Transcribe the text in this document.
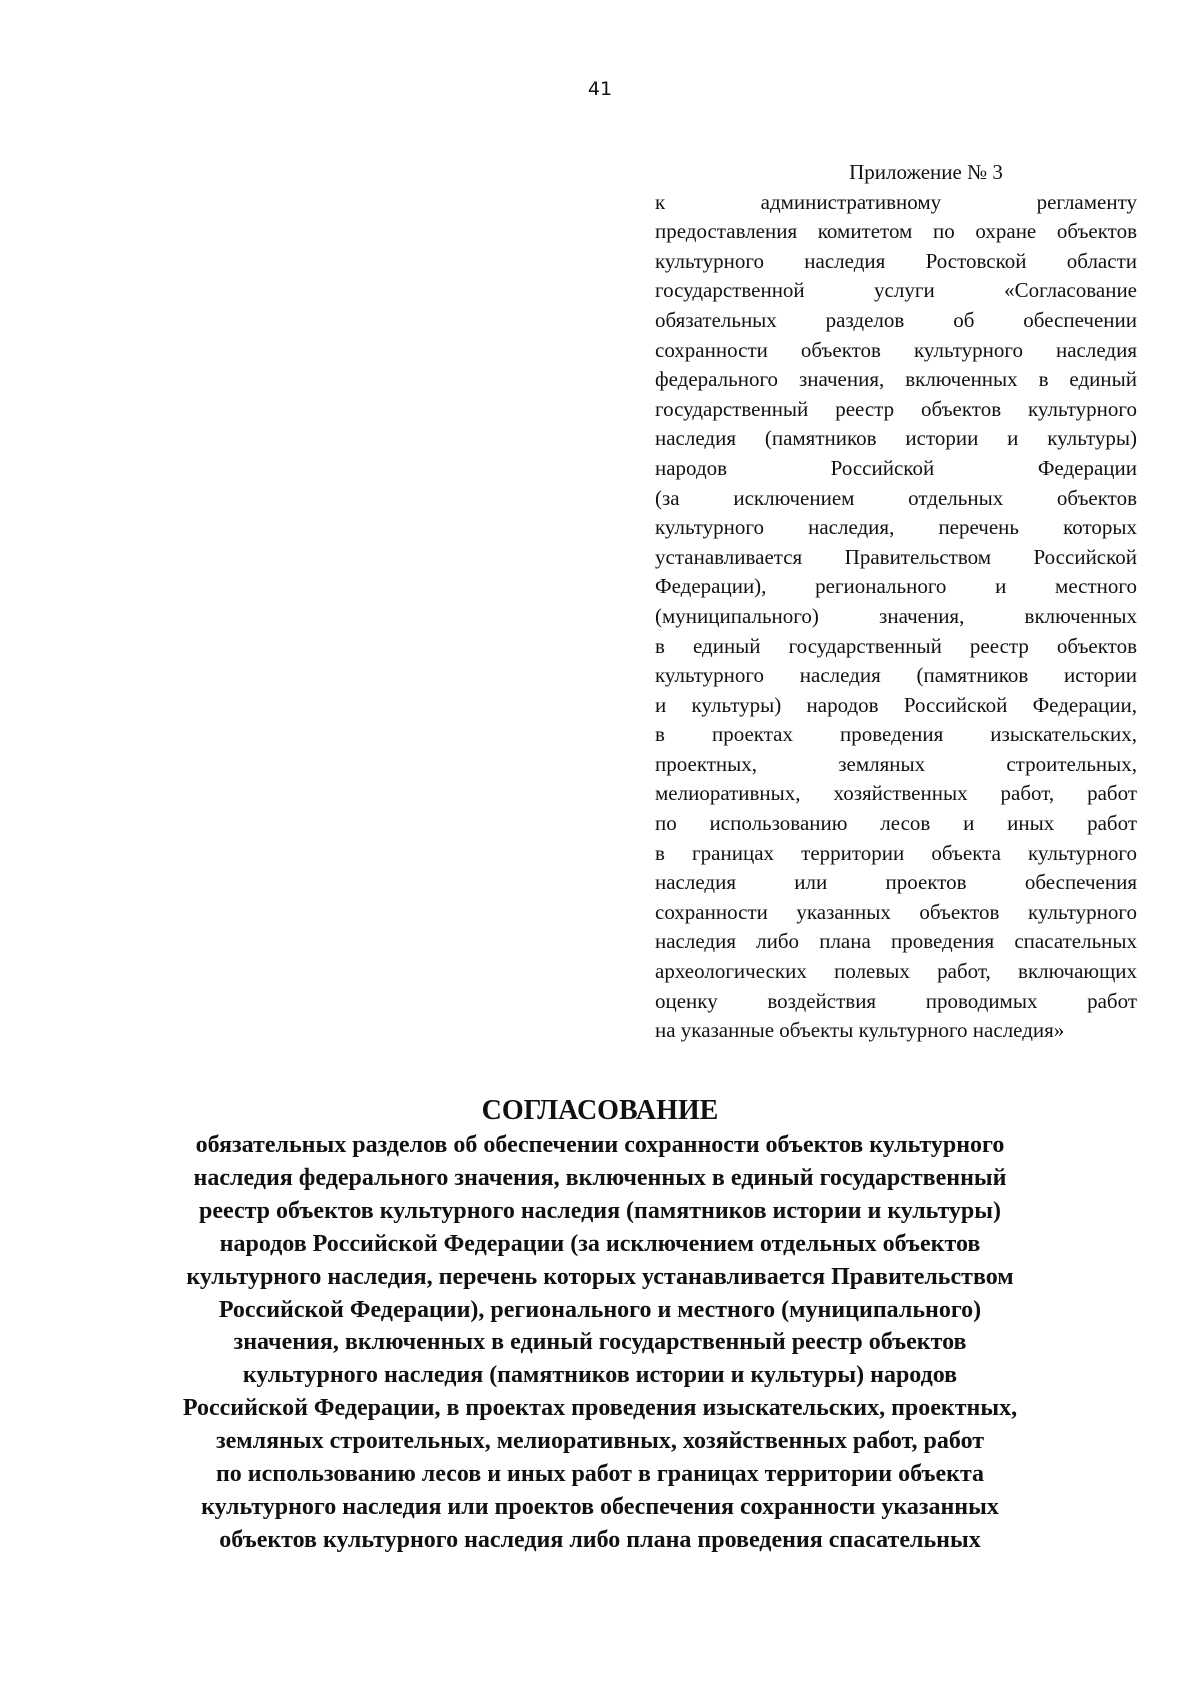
41

Приложение № 3

к административному регламенту
предоставления комитетом по охране объектов
культурного наследия Ростовской области
государственной услуги «Согласование
обязательных разделов об обеспечении
сохранности объектов культурного наследия
федерального значения, включенных в единый
государственный реестр объектов культурного
наследия (памятников истории и культуры)
народов Российской Федерации
(за исключением отдельных объектов
культурного наследия, перечень которых
устанавливается Правительством Российской
Федерации), регионального и местного
(муниципального) значения, включенных
в единый государственный реестр объектов
культурного наследия (памятников истории
и культуры) народов Российской Федерации,
в проектах проведения изыскательских,
проектных, земляных строительных,
мелиоративных, хозяйственных работ, работ
по использованию лесов и иных работ
в границах территории объекта культурного
наследия или проектов обеспечения
сохранности указанных объектов культурного
наследия либо плана проведения спасательных
археологических полевых работ, включающих
оценку воздействия проводимых работ
на указанные объекты культурного наследия»
СОГЛАСОВАНИЕ
обязательных разделов об обеспечении сохранности объектов культурного
наследия федерального значения, включенных в единый государственный
реестр объектов культурного наследия (памятников истории и культуры)
народов Российской Федерации (за исключением отдельных объектов
культурного наследия, перечень которых устанавливается Правительством
Российской Федерации), регионального и местного (муниципального)
значения, включенных в единый государственный реестр объектов
культурного наследия (памятников истории и культуры) народов
Российской Федерации, в проектах проведения изыскательских, проектных,
земляных строительных, мелиоративных, хозяйственных работ, работ
по использованию лесов и иных работ в границах территории объекта
культурного наследия или проектов обеспечения сохранности указанных
объектов культурного наследия либо плана проведения спасательных
